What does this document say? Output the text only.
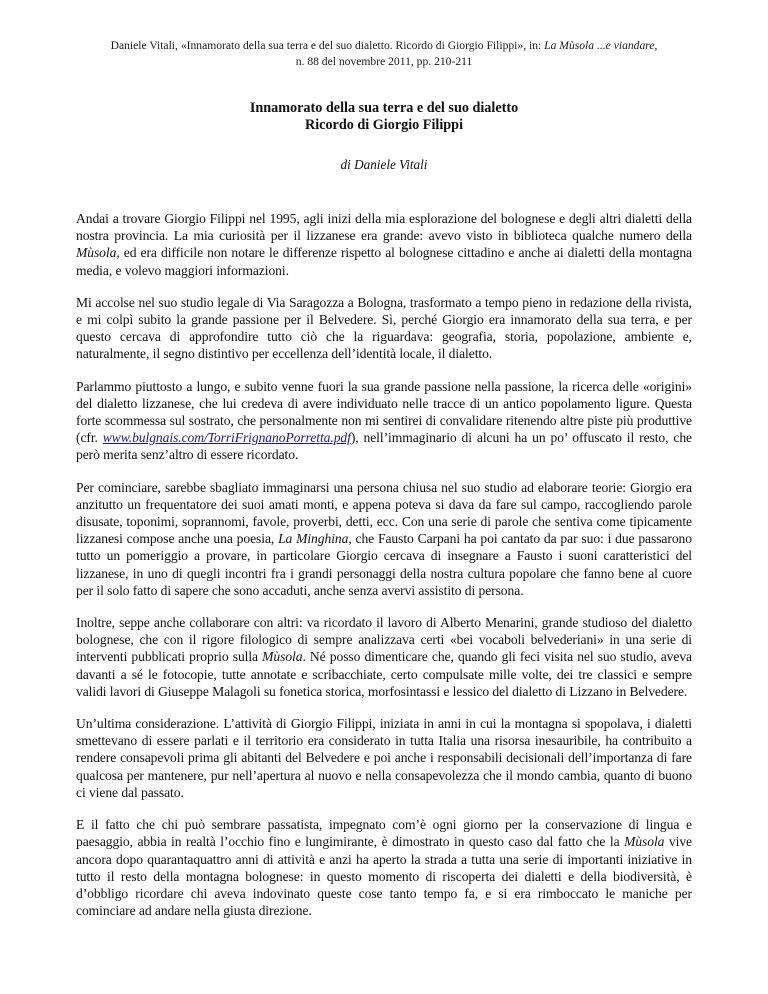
Daniele Vitali, «Innamorato della sua terra e del suo dialetto. Ricordo di Giorgio Filippi», in: La Mùsola ...e viandare,
n. 88 del novembre 2011, pp. 210-211
Innamorato della sua terra e del suo dialetto
Ricordo di Giorgio Filippi
di Daniele Vitali

Andai a trovare Giorgio Filippi nel 1995, agli inizi della mia esplorazione del bolognese e degli altri dialetti della nostra provincia. La mia curiosità per il lizzanese era grande: avevo visto in biblioteca qualche numero della Mùsola, ed era difficile non notare le differenze rispetto al bolognese cittadino e anche ai dialetti della montagna media, e volevo maggiori informazioni.

Mi accolse nel suo studio legale di Via Saragozza a Bologna, trasformato a tempo pieno in redazione della rivista, e mi colpì subito la grande passione per il Belvedere. Sì, perché Giorgio era innamorato della sua terra, e per questo cercava di approfondire tutto ciò che la riguardava: geografia, storia, popolazione, ambiente e, naturalmente, il segno distintivo per eccellenza dell’identità locale, il dialetto.

Parlammo piuttosto a lungo, e subito venne fuori la sua grande passione nella passione, la ricerca delle «origini» del dialetto lizzanese, che lui credeva di avere individuato nelle tracce di un antico popolamento ligure. Questa forte scommessa sul sostrato, che personalmente non mi sentirei di convalidare ritenendo altre piste più produttive (cfr. www.bulgnais.com/TorriFrignanoPorretta.pdf), nell’immaginario di alcuni ha un po’ offuscato il resto, che però merita senz’altro di essere ricordato.

Per cominciare, sarebbe sbagliato immaginarsi una persona chiusa nel suo studio ad elaborare teorie: Giorgio era anzitutto un frequentatore dei suoi amati monti, e appena poteva si dava da fare sul campo, raccogliendo parole disusate, toponimi, soprannomi, favole, proverbi, detti, ecc. Con una serie di parole che sentiva come tipicamente lizzanesi compose anche una poesia, La Minghina, che Fausto Carpani ha poi cantato da par suo: i due passarono tutto un pomeriggio a provare, in particolare Giorgio cercava di insegnare a Fausto i suoni caratteristici del lizzanese, in uno di quegli incontri fra i grandi personaggi della nostra cultura popolare che fanno bene al cuore per il solo fatto di sapere che sono accaduti, anche senza avervi assistito di persona.

Inoltre, seppe anche collaborare con altri: va ricordato il lavoro di Alberto Menarini, grande studioso del dialetto bolognese, che con il rigore filologico di sempre analizzava certi «bei vocaboli belvederiani» in una serie di interventi pubblicati proprio sulla Mùsola. Né posso dimenticare che, quando gli feci visita nel suo studio, aveva davanti a sé le fotocopie, tutte annotate e scribacchiate, certo compulsate mille volte, dei tre classici e sempre validi lavori di Giuseppe Malagoli su fonetica storica, morfosintassi e lessico del dialetto di Lizzano in Belvedere.

Un’ultima considerazione. L’attività di Giorgio Filippi, iniziata in anni in cui la montagna si spopolava, i dialetti smettevano di essere parlati e il territorio era considerato in tutta Italia una risorsa inesauribile, ha contribuito a rendere consapevoli prima gli abitanti del Belvedere e poi anche i responsabili decisionali dell’importanza di fare qualcosa per mantenere, pur nell’apertura al nuovo e nella consapevolezza che il mondo cambia, quanto di buono ci viene dal passato.

E il fatto che chi può sembrare passatista, impegnato com’è ogni giorno per la conservazione di lingua e paesaggio, abbia in realtà l’occhio fino e lungimirante, è dimostrato in questo caso dal fatto che la Mùsola vive ancora dopo quarantaquattro anni di attività e anzi ha aperto la strada a tutta una serie di importanti iniziative in tutto il resto della montagna bolognese: in questo momento di riscoperta dei dialetti e della biodiversità, è d’obbligo ricordare chi aveva indovinato queste cose tanto tempo fa, e si era rimboccato le maniche per cominciare ad andare nella giusta direzione.
